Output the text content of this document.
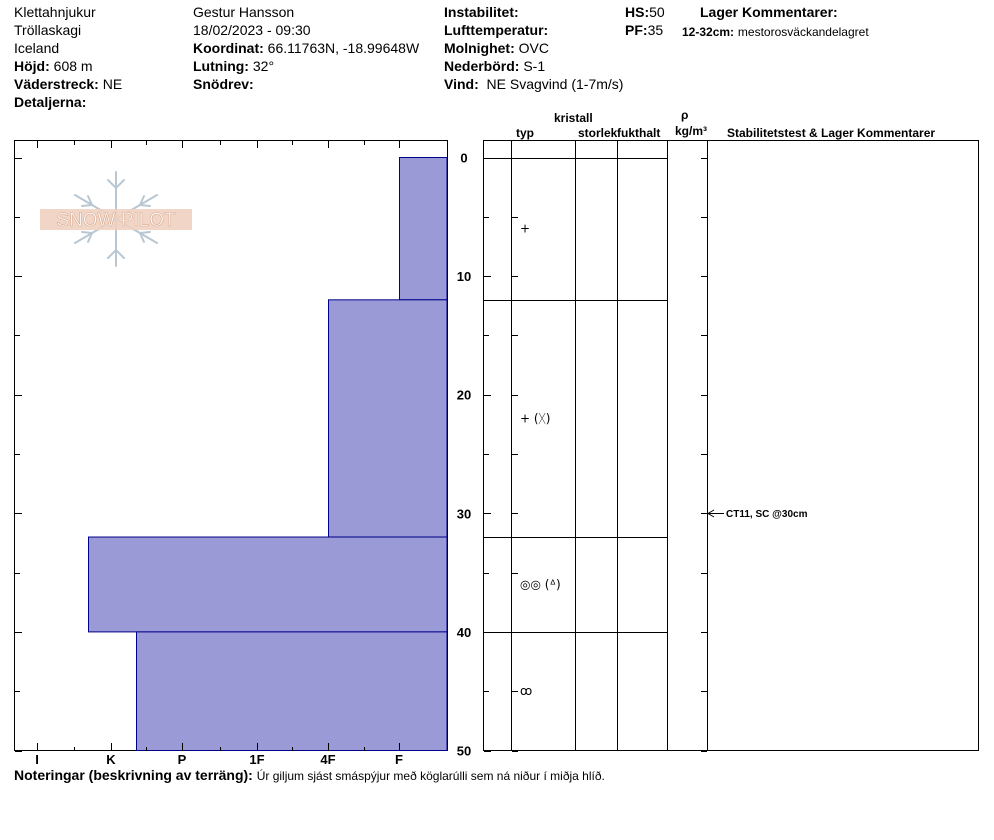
Klettahnjukur
Tröllaskagi
Iceland
Höjd: 608 m
Väderstreck: NE
Detaljerna:
Gestur Hansson
18/02/2023 - 09:30
Koordinat: 66.11763N, -18.99648W
Lutning: 32°
Snödrev:
Instabilitet:
Lufttemperatur:
Molnighet: OVC
Nederbörd: S-1
Vind: NE Svagvind (1-7m/s)
HS:50
PF:35
Lager Kommentarer:
12-32cm: mestorosväckandelagret
kristall
typ	storlek fukthalt
ρ
kg/m³ Stabilitetstest & Lager Kommentarer
SNOW PILOT
I	K	P	1F	4F	F
0
10
20
30
40
50
+
+ (ᚷ)
◎◎ (ᐞ)
ꝏ
CT11, SC @30cm
Noteringar (beskrivning av terräng): Úr giljum sjást smáspýjur með köglarúlli sem ná niður í miðja hlíð.
